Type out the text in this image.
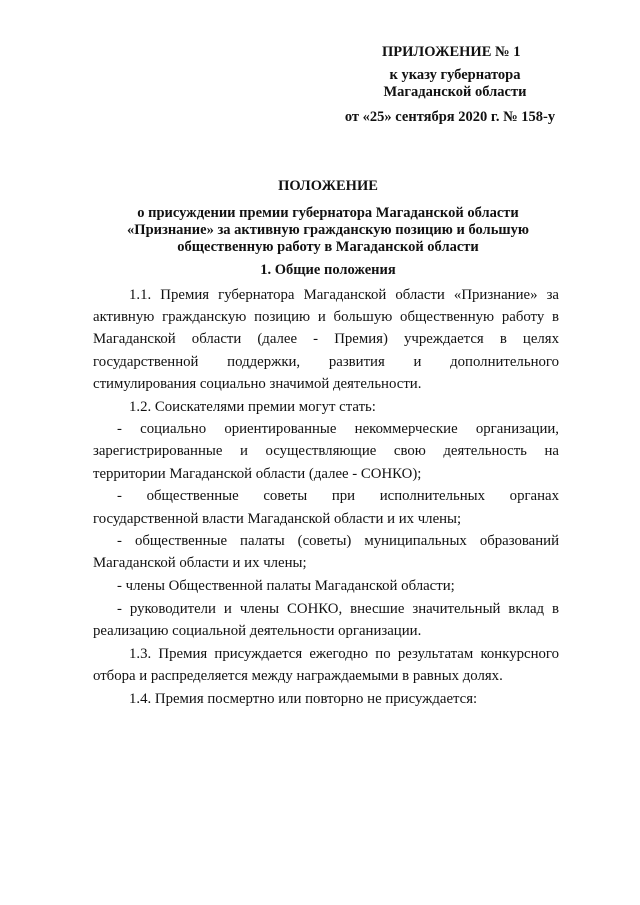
ПРИЛОЖЕНИЕ № 1
к указу губернатора
Магаданской области
от «25» сентября 2020 г. № 158-у
ПОЛОЖЕНИЕ
о присуждении премии губернатора Магаданской области
«Признание» за активную гражданскую позицию и большую
общественную работу в Магаданской области
1. Общие положения

1.1. Премия губернатора Магаданской области «Признание» за активную гражданскую позицию и большую общественную работу в Магаданской области (далее - Премия) учреждается в целях государственной поддержки, развития и дополнительного стимулирования социально значимой деятельности.

1.2. Соискателями премии могут стать:

- социально ориентированные некоммерческие организации, зарегистрированные и осуществляющие свою деятельность на территории Магаданской области (далее - СОНКО);

- общественные советы при исполнительных органах государственной власти Магаданской области и их члены;

- общественные палаты (советы) муниципальных образований Магаданской области и их члены;

- члены Общественной палаты Магаданской области;

- руководители и члены СОНКО, внесшие значительный вклад в реализацию социальной деятельности организации.

1.3. Премия присуждается ежегодно по результатам конкурсного отбора и распределяется между награждаемыми в равных долях.

1.4. Премия посмертно или повторно не присуждается:
